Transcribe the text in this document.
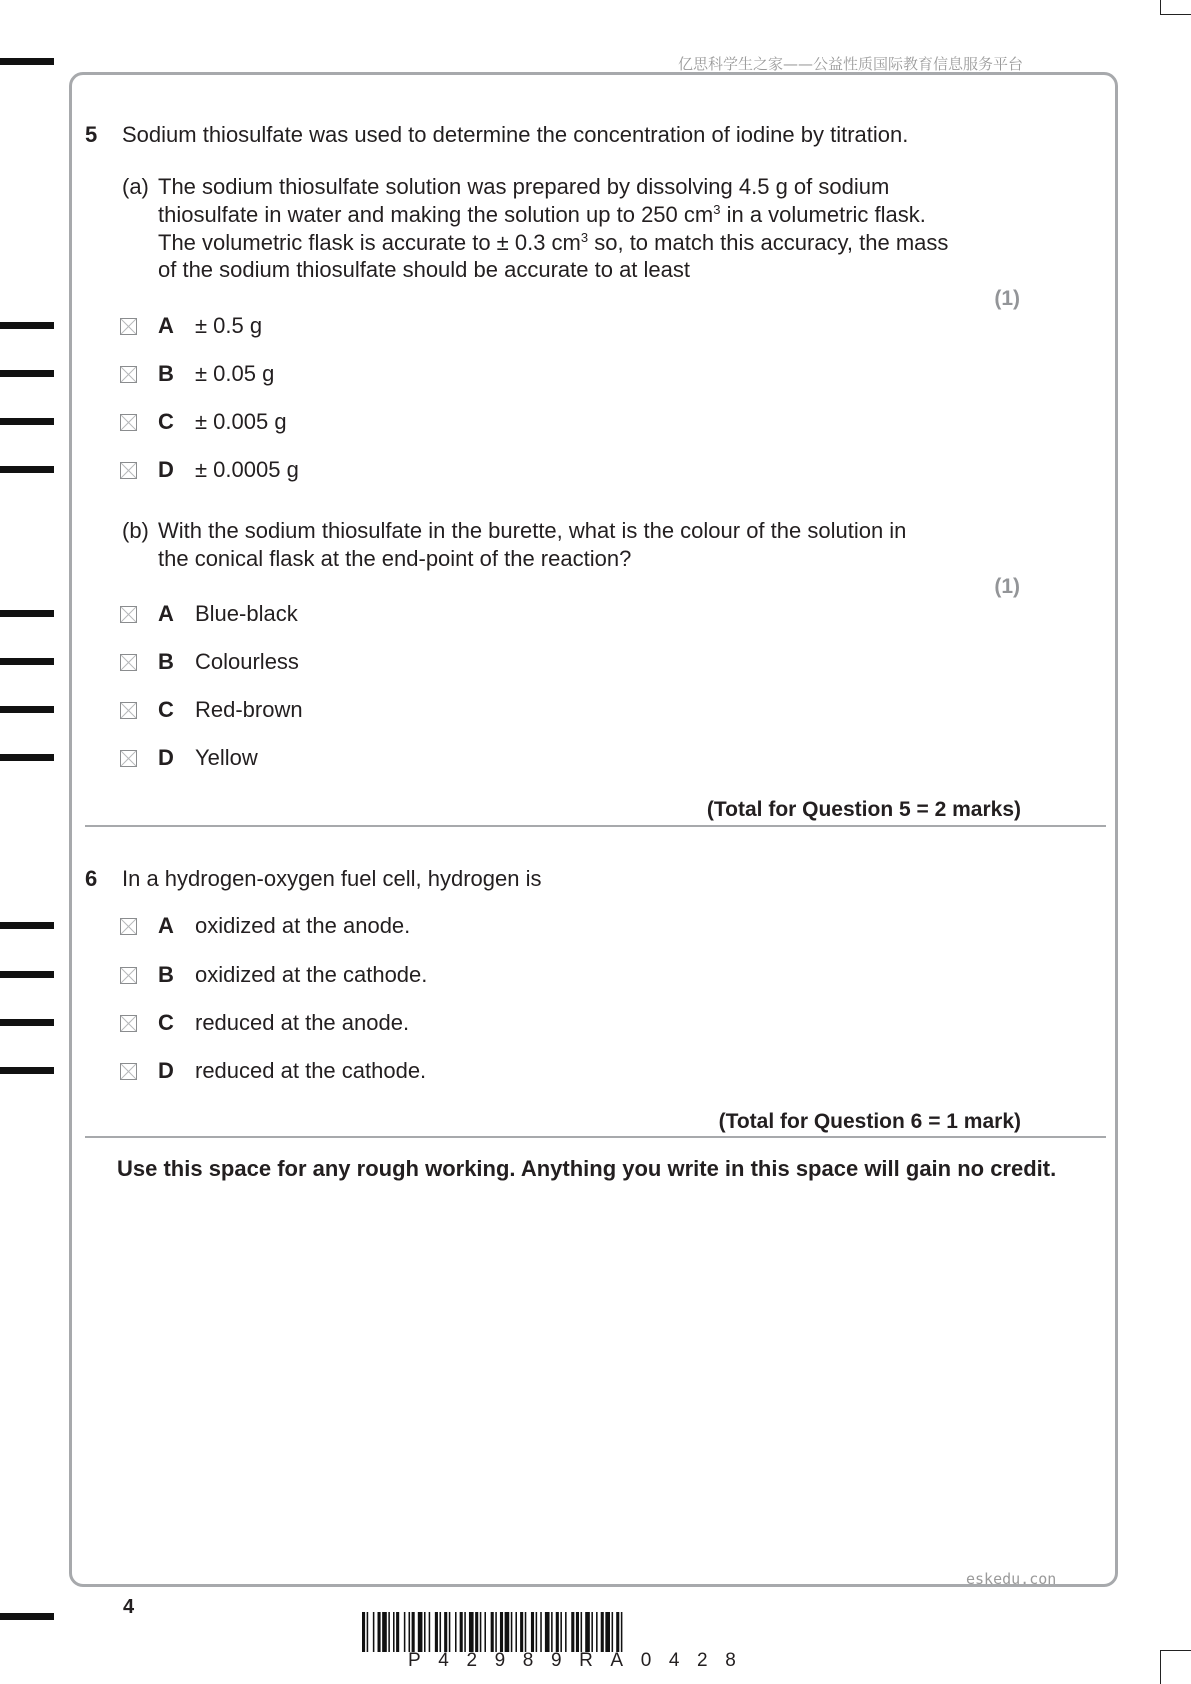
亿思科学生之家——公益性质国际教育信息服务平台
eskedu.con
5 Sodium thiosulfate was used to determine the concentration of iodine by titration.
(a) The sodium thiosulfate solution was prepared by dissolving 4.5 g of sodium
thiosulfate in water and making the solution up to 250 $cm^3$ in a volumetric flask.
The volumetric flask is accurate to ± 0.3 $cm^3$ so, to match this accuracy, the mass
of the sodium thiosulfate should be accurate to at least
(1)
A ± 0.5 g
B ± 0.05 g
C ± 0.005 g
D ± 0.0005 g
(b) With the sodium thiosulfate in the burette, what is the colour of the solution in
the conical flask at the end-point of the reaction?
(1)
A Blue-black
B Colourless
C Red-brown
D Yellow
(Total for Question 5 = 2 marks)
6 In a hydrogen-oxygen fuel cell, hydrogen is
A oxidized at the anode.
B oxidized at the cathode.
C reduced at the anode.
D reduced at the cathode.
(Total for Question 6 = 1 mark)
Use this space for any rough working. Anything you write in this space will gain no credit.
4
P42989RA0428
